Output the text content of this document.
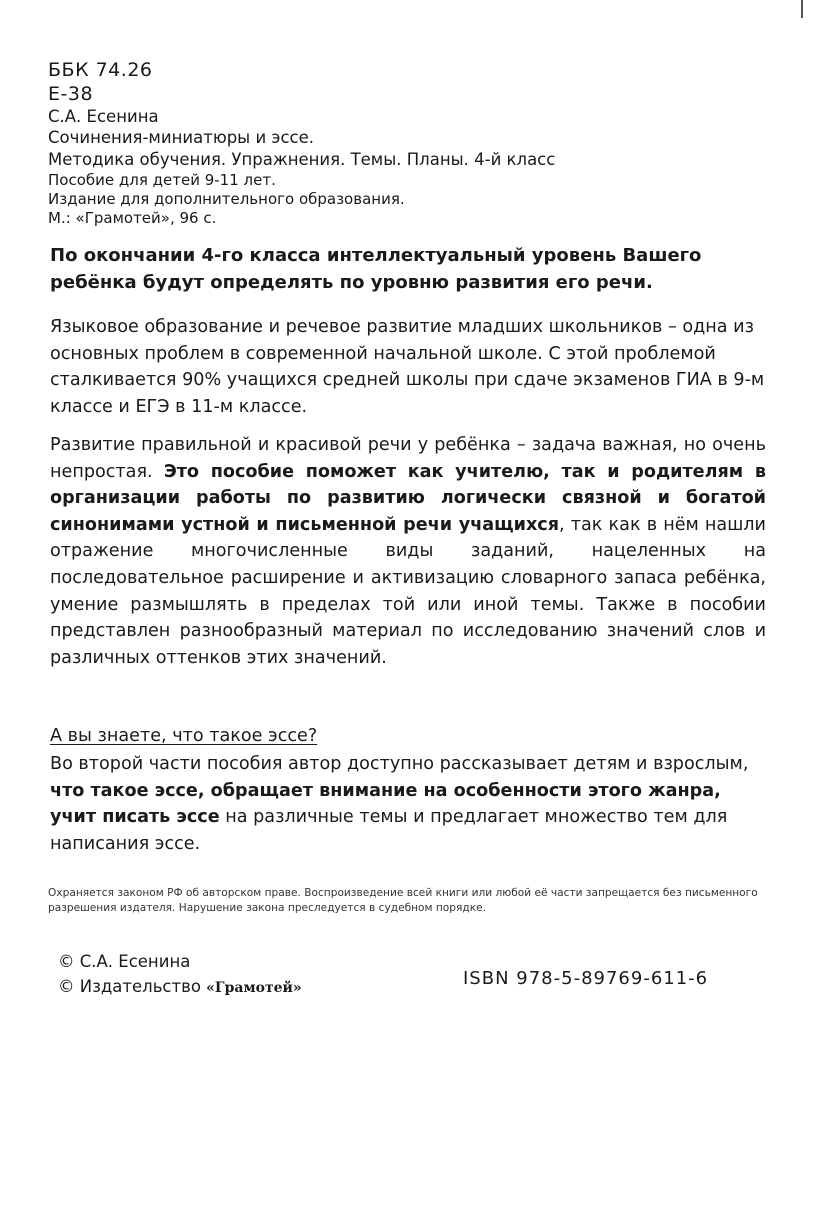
ББК 74.26
Е-38
С.А. Есенина
Сочинения-миниатюры и эссе.
Методика обучения. Упражнения. Темы. Планы. 4-й класс
Пособие для детей 9-11 лет.
Издание для дополнительного образования.
М.: «Грамотей», 96 с.
По окончании 4-го класса интеллектуальный уровень Вашего ребёнка будут определять по уровню развития его речи.
Языковое образование и речевое развитие младших школьников – одна из основных проблем в современной начальной школе. С этой проблемой сталкивается 90% учащихся средней школы при сдаче экзаменов ГИА в 9-м классе и ЕГЭ в 11-м классе.
Развитие правильной и красивой речи у ребёнка – задача важная, но очень непростая. Это пособие поможет как учителю, так и родителям в организации работы по развитию логически связной и богатой синонимами устной и письменной речи учащихся, так как в нём нашли отражение многочисленные виды заданий, нацеленных на последовательное расширение и активизацию словарного запаса ребёнка, умение размышлять в пределах той или иной темы. Также в пособии представлен разнообразный материал по исследованию значений слов и различных оттенков этих значений.
А вы знаете, что такое эссе?
Во второй части пособия автор доступно рассказывает детям и взрослым, что такое эссе, обращает внимание на особенности этого жанра, учит писать эссе на различные темы и предлагает множество тем для написания эссе.
Охраняется законом РФ об авторском праве. Воспроизведение всей книги или любой её части запрещается без письменного разрешения издателя. Нарушение закона преследуется в судебном порядке.
© С.А. Есенина
© Издательство «Грамотей»	ISBN 978-5-89769-611-6
